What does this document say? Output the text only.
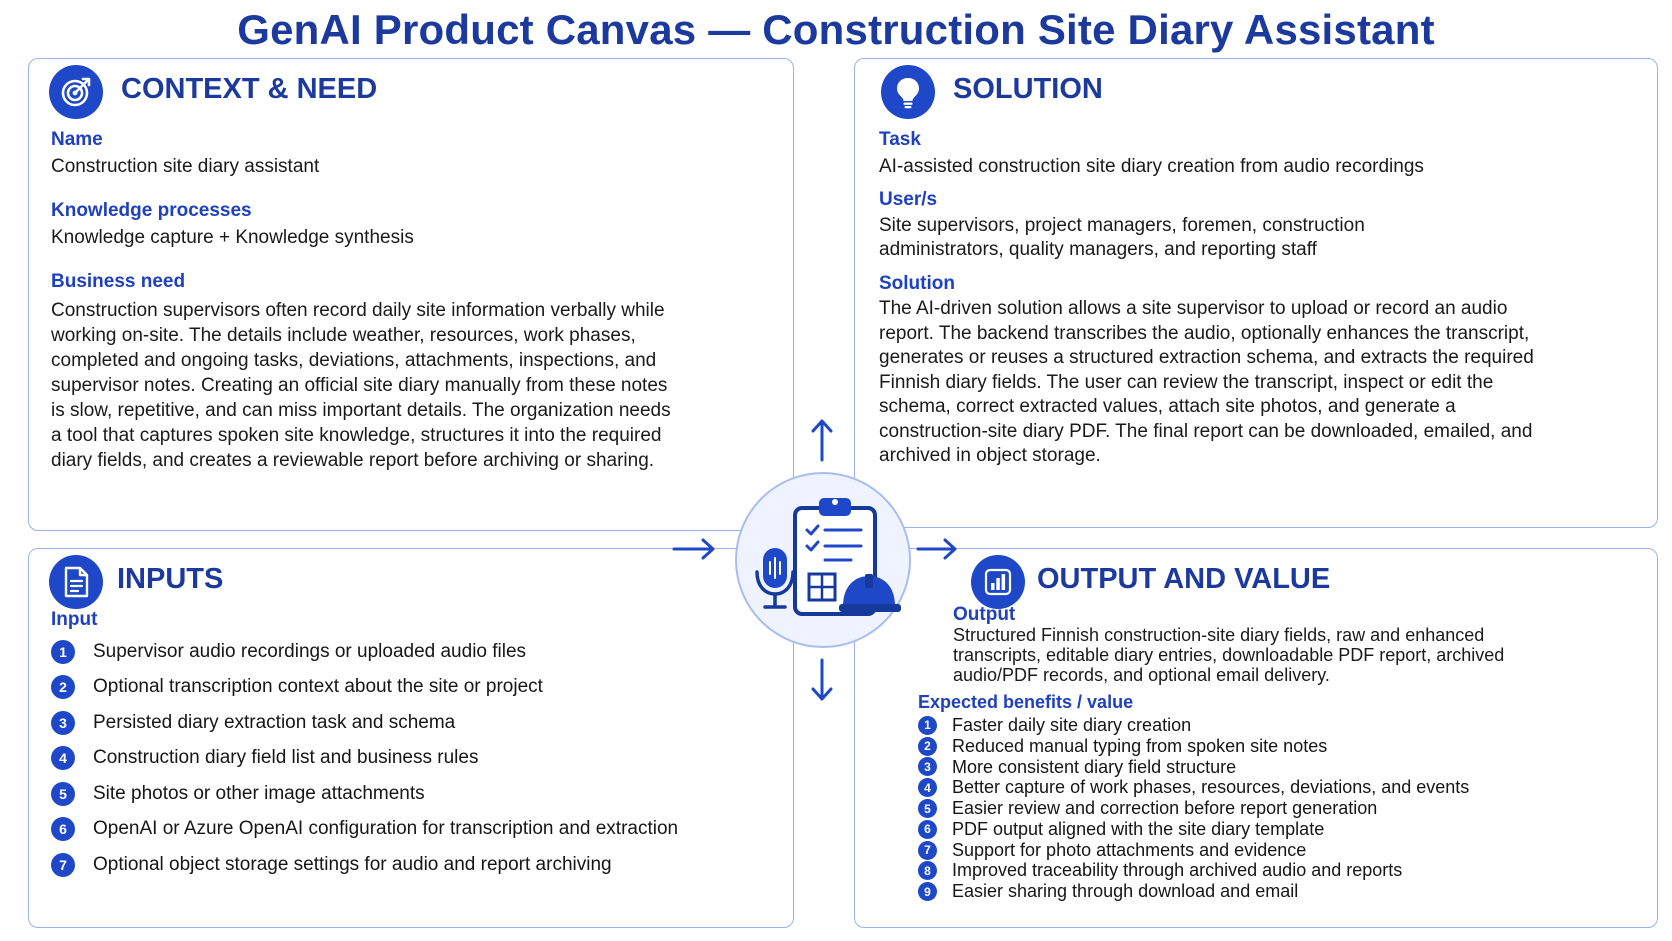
GenAI Product Canvas — Construction Site Diary Assistant
CONTEXT & NEED
Name
Construction site diary assistant
Knowledge processes
Knowledge capture + Knowledge synthesis
Business need
Construction supervisors often record daily site information verbally while working on-site. The details include weather, resources, work phases, completed and ongoing tasks, deviations, attachments, inspections, and supervisor notes. Creating an official site diary manually from these notes is slow, repetitive, and can miss important details. The organization needs a tool that captures spoken site knowledge, structures it into the required diary fields, and creates a reviewable report before archiving or sharing.
SOLUTION
Task
AI-assisted construction site diary creation from audio recordings
User/s
Site supervisors, project managers, foremen, construction administrators, quality managers, and reporting staff
Solution
The AI-driven solution allows a site supervisor to upload or record an audio report. The backend transcribes the audio, optionally enhances the transcript, generates or reuses a structured extraction schema, and extracts the required Finnish diary fields. The user can review the transcript, inspect or edit the schema, correct extracted values, attach site photos, and generate a construction-site diary PDF. The final report can be downloaded, emailed, and archived in object storage.
INPUTS
Input
1	Supervisor audio recordings or uploaded audio files
2	Optional transcription context about the site or project
3	Persisted diary extraction task and schema
4	Construction diary field list and business rules
5	Site photos or other image attachments
6	OpenAI or Azure OpenAI configuration for transcription and extraction
7	Optional object storage settings for audio and report archiving
OUTPUT AND VALUE
Output
Structured Finnish construction-site diary fields, raw and enhanced transcripts, editable diary entries, downloadable PDF report, archived audio/PDF records, and optional email delivery.
Expected benefits / value
1	Faster daily site diary creation
2	Reduced manual typing from spoken site notes
3	More consistent diary field structure
4	Better capture of work phases, resources, deviations, and events
5	Easier review and correction before report generation
6	PDF output aligned with the site diary template
7	Support for photo attachments and evidence
8	Improved traceability through archived audio and reports
9	Easier sharing through download and email
